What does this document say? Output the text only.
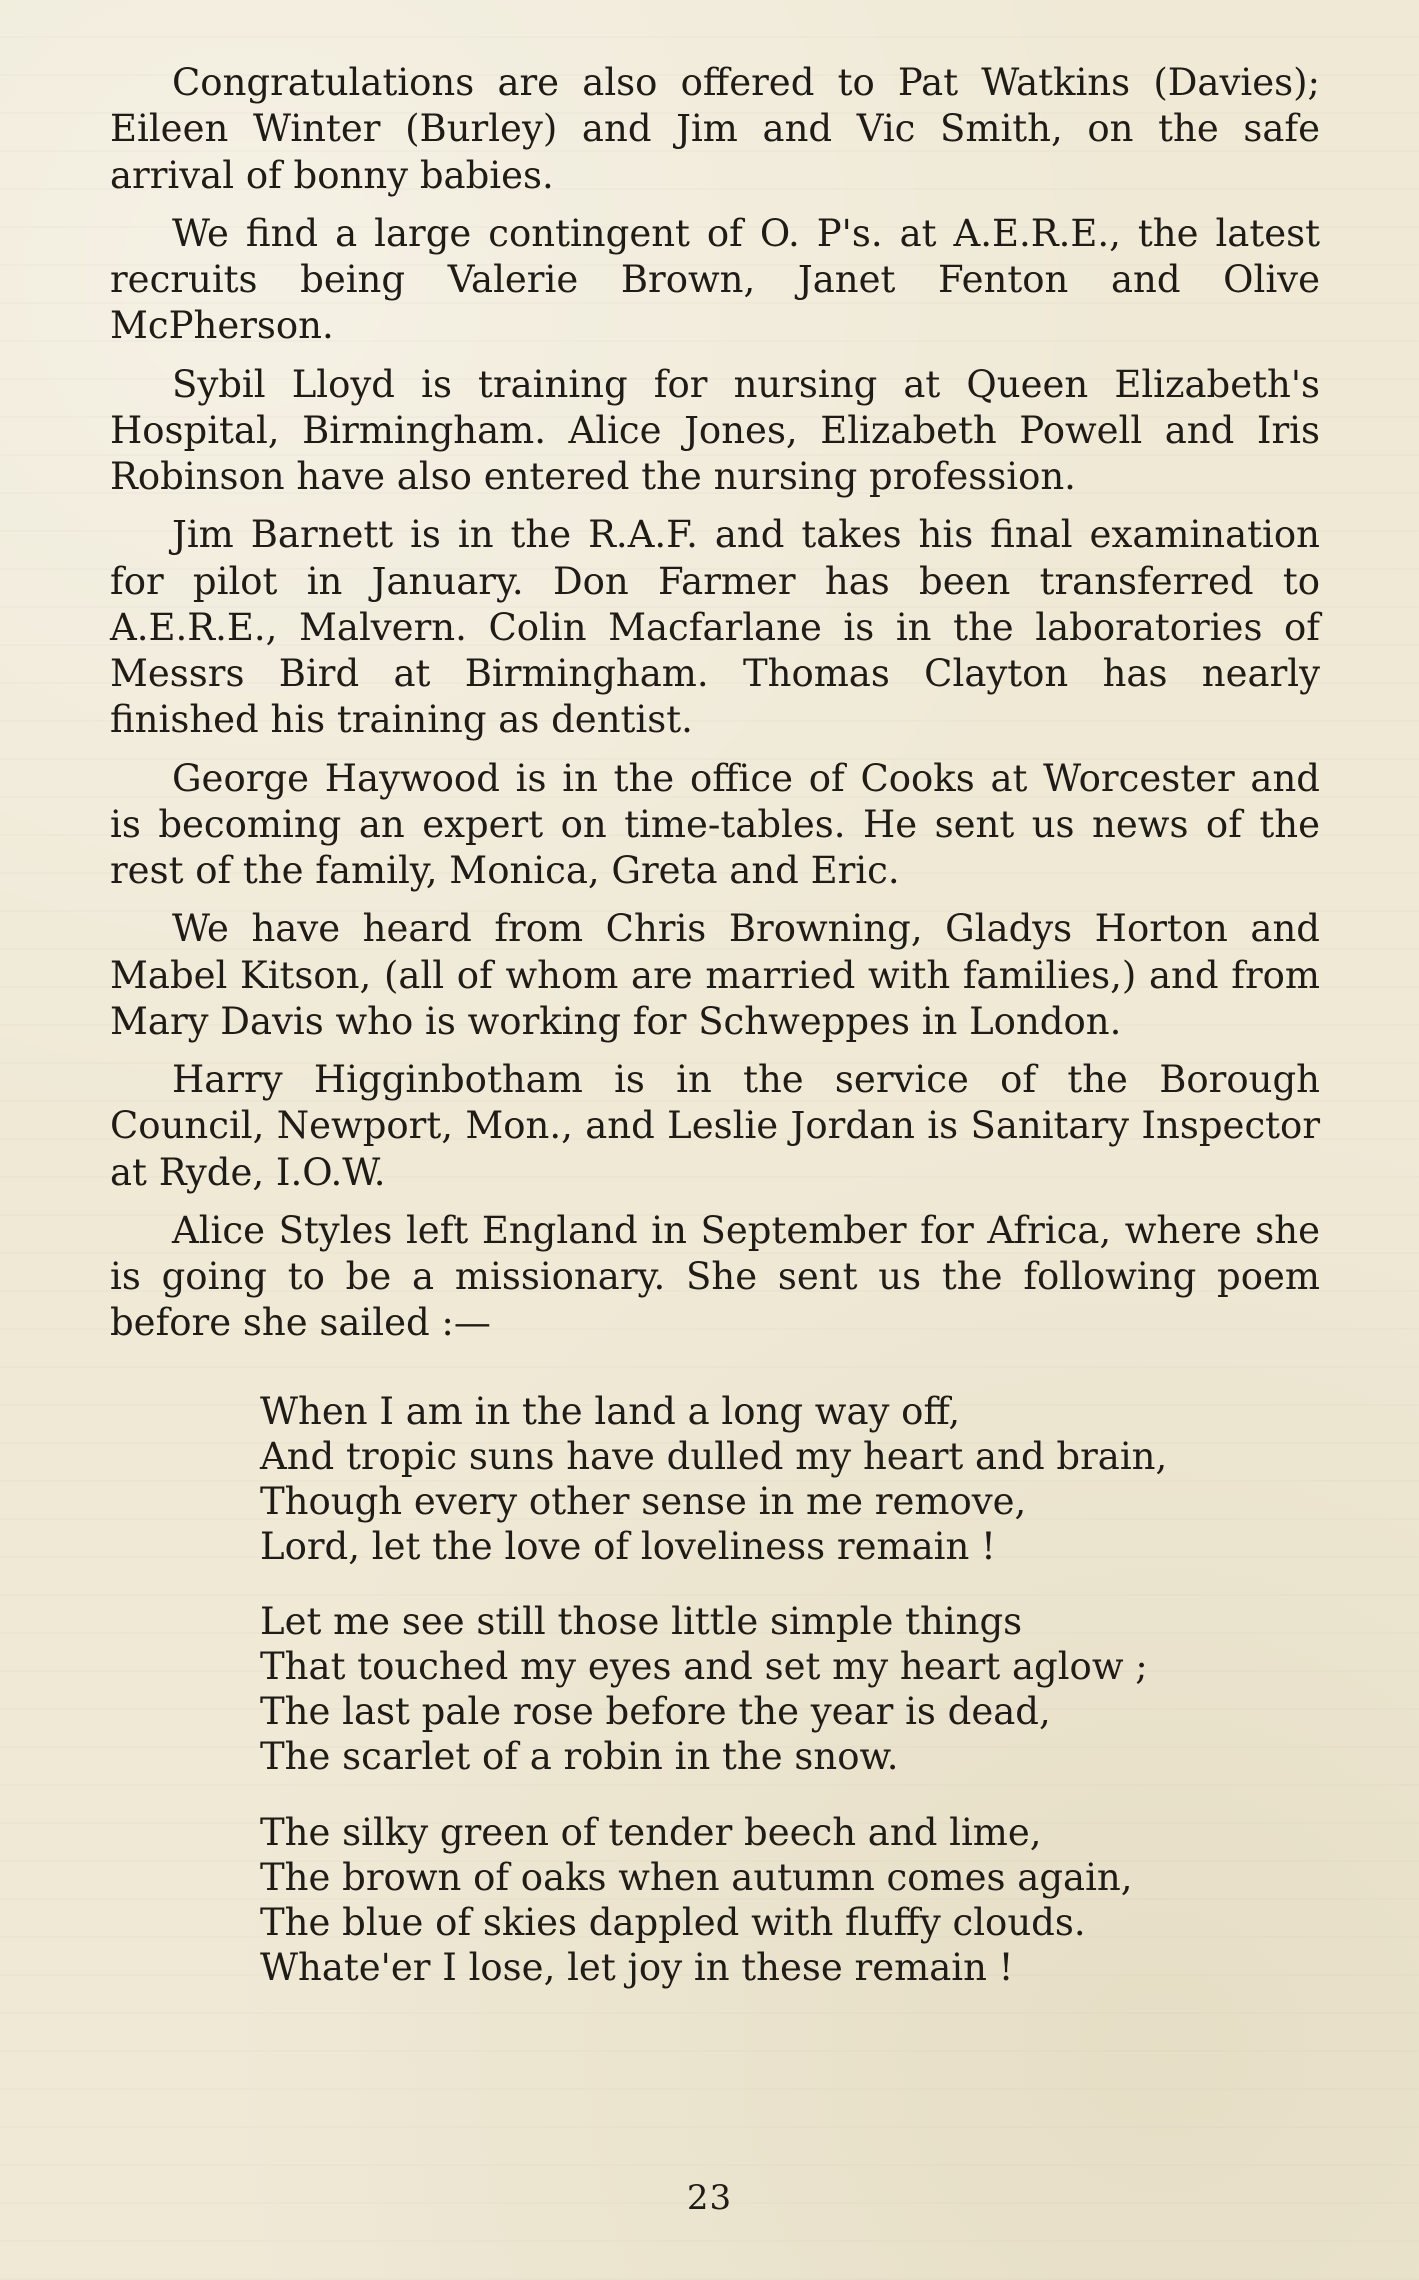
Congratulations are also offered to Pat Watkins (Davies); Eileen Winter (Burley) and Jim and Vic Smith, on the safe arrival of bonny babies.

We find a large contingent of O. P's. at A.E.R.E., the latest recruits being Valerie Brown, Janet Fenton and Olive McPherson.

Sybil Lloyd is training for nursing at Queen Elizabeth's Hospital, Birmingham. Alice Jones, Elizabeth Powell and Iris Robinson have also entered the nursing profession.

Jim Barnett is in the R.A.F. and takes his final examination for pilot in January. Don Farmer has been transferred to A.E.R.E., Malvern. Colin Macfarlane is in the laboratories of Messrs Bird at Birmingham. Thomas Clayton has nearly finished his training as dentist.

George Haywood is in the office of Cooks at Worcester and is becoming an expert on time-tables. He sent us news of the rest of the family, Monica, Greta and Eric.

We have heard from Chris Browning, Gladys Horton and Mabel Kitson, (all of whom are married with families,) and from Mary Davis who is working for Schweppes in London.

Harry Higginbotham is in the service of the Borough Council, Newport, Mon., and Leslie Jordan is Sanitary Inspector at Ryde, I.O.W.

Alice Styles left England in September for Africa, where she is going to be a missionary. She sent us the following poem before she sailed :—

When I am in the land a long way off,
And tropic suns have dulled my heart and brain,
Though every other sense in me remove,
Lord, let the love of loveliness remain !
Let me see still those little simple things
That touched my eyes and set my heart aglow ;
The last pale rose before the year is dead,
The scarlet of a robin in the snow.
The silky green of tender beech and lime,
The brown of oaks when autumn comes again,
The blue of skies dappled with fluffy clouds.
Whate'er I lose, let joy in these remain !
23
